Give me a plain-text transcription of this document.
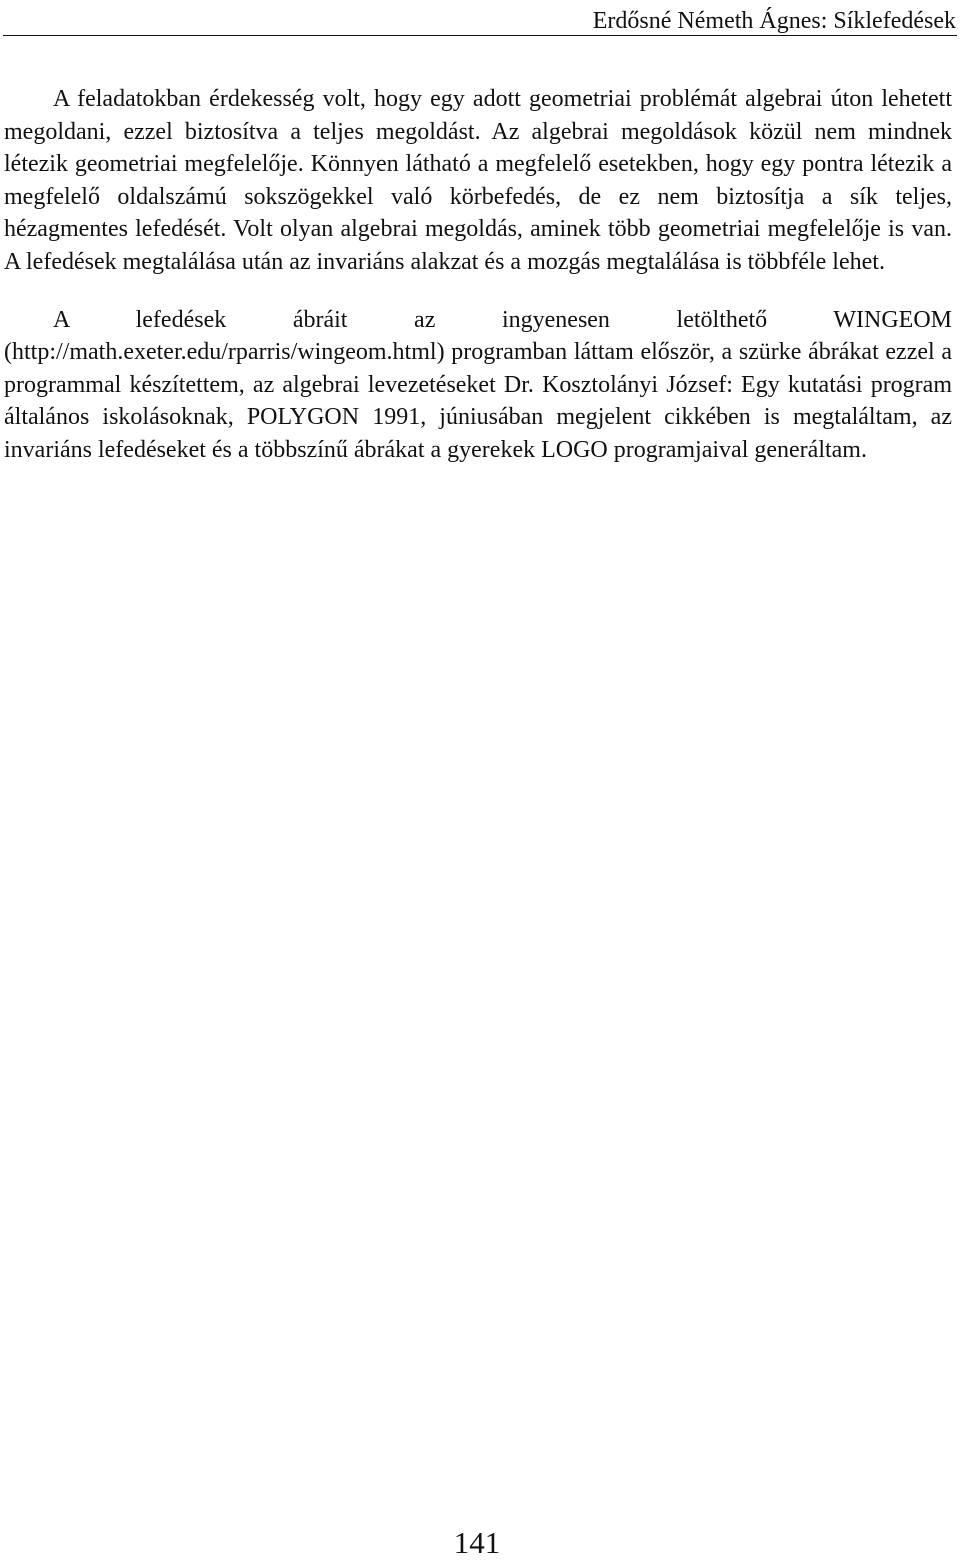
Erdősné Németh Ágnes: Síklefedések

A feladatokban érdekesség volt, hogy egy adott geometriai problémát algebrai úton lehetett megoldani, ezzel biztosítva a teljes megoldást. Az algebrai megoldások közül nem mindnek létezik geometriai megfelelője. Könnyen látható a megfelelő esetekben, hogy egy pontra létezik a megfelelő oldalszámú sokszögekkel való körbefedés, de ez nem biztosítja a sík teljes, hézagmentes lefedését. Volt olyan algebrai megoldás, aminek több geometriai megfelelője is van. A lefedések megtalálása után az invariáns alakzat és a mozgás megtalálása is többféle lehet.

A lefedések ábráit az ingyenesen letölthető WINGEOM (http://math.exeter.edu/rparris/wingeom.html) programban láttam először, a szürke ábrákat ezzel a programmal készítettem, az algebrai levezetéseket Dr. Kosztolányi József: Egy kutatási program általános iskolásoknak, POLYGON 1991, júniusában megjelent cikkében is megtaláltam, az invariáns lefedéseket és a többszínű ábrákat a gyerekek LOGO programjaival generáltam.

141
